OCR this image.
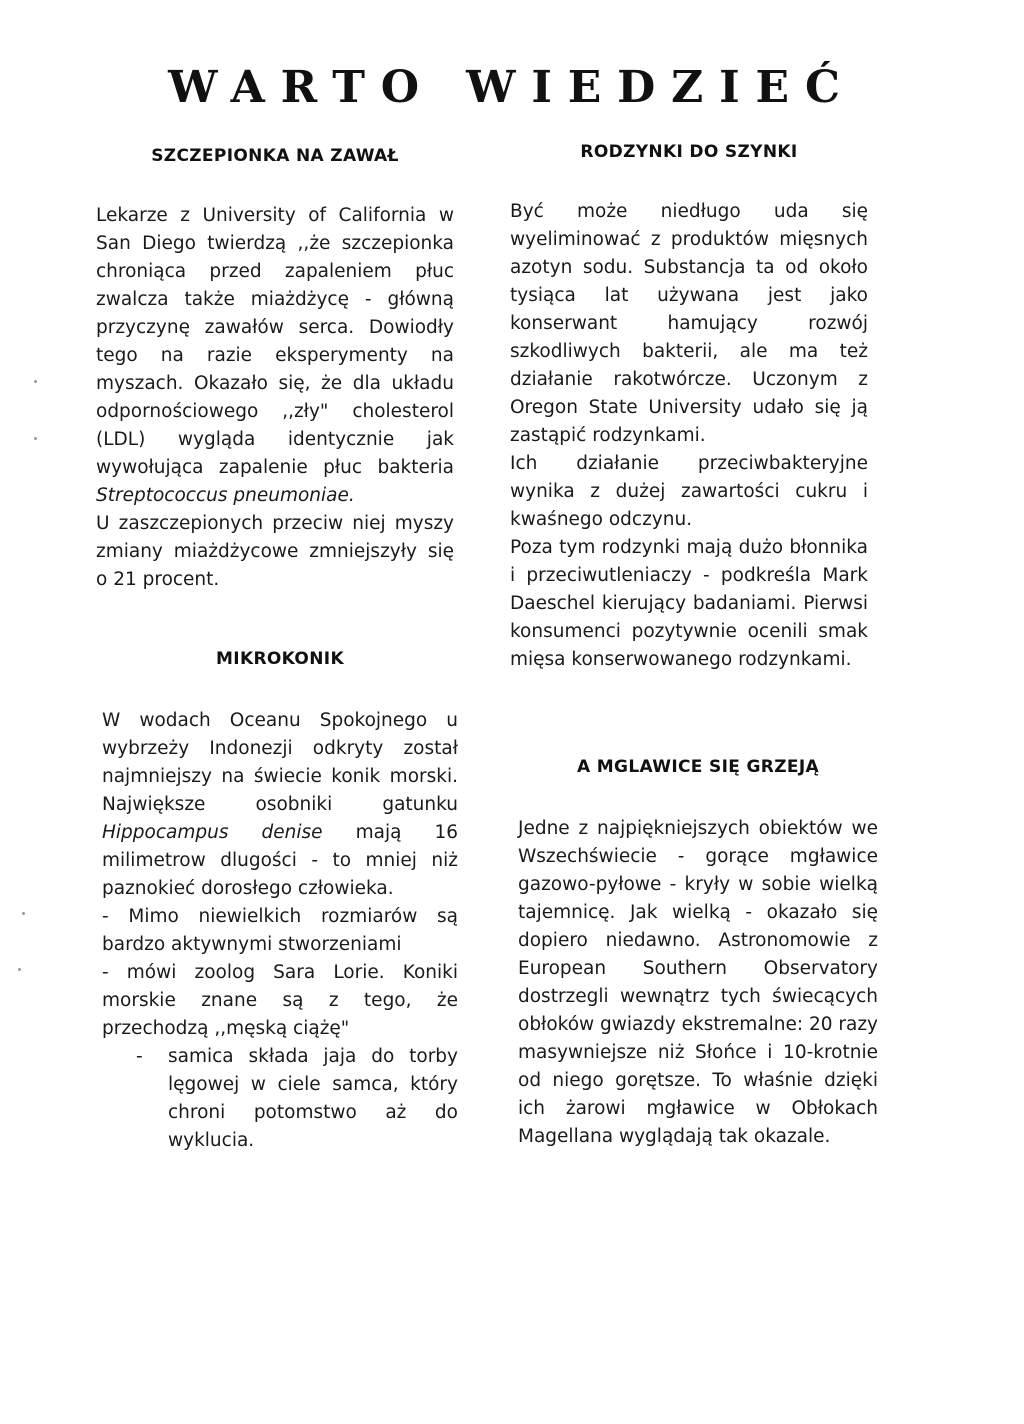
WARTO WIEDZIEĆ
SZCZEPIONKA NA ZAWAŁ

Lekarze z University of California w San Diego twierdzą ,,że szczepionka chroniąca przed zapaleniem płuc zwalcza także miażdżycę - główną przyczynę zawałów serca. Dowiodły tego na razie eksperymenty na myszach. Okazało się, że dla układu odpornościowego ,,zły" cholesterol (LDL) wygląda identycznie jak wywołująca zapalenie płuc bakteria Streptococcus pneumoniae.

U zaszczepionych przeciw niej myszy zmiany miażdżycowe zmniejszyły się o 21 procent.

MIKROKONIK

W wodach Oceanu Spokojnego u wybrzeży Indonezji odkryty został najmniejszy na świecie konik morski. Największe osobniki gatunku Hippocampus denise mają 16 milimetrow dlugości - to mniej niż paznokieć dorosłego człowieka.

- Mimo niewielkich rozmiarów są bardzo aktywnymi stworzeniami

- mówi zoolog Sara Lorie. Koniki morskie znane są z tego, że przechodzą ,,męską ciążę"

- samica składa jaja do torby lęgowej w ciele samca, który chroni potomstwo aż do wyklucia.

RODZYNKI DO SZYNKI

Być może niedługo uda się wyeliminować z produktów mięsnych azotyn sodu. Substancja ta od około tysiąca lat używana jest jako konserwant hamujący rozwój szkodliwych bakterii, ale ma też działanie rakotwórcze. Uczonym z Oregon State University udało się ją zastąpić rodzynkami.

Ich działanie przeciwbakteryjne wynika z dużej zawartości cukru i kwaśnego odczynu.

Poza tym rodzynki mają dużo błonnika i przeciwutleniaczy - podkreśla Mark Daeschel kierujący badaniami. Pierwsi konsumenci pozytywnie ocenili smak mięsa konserwowanego rodzynkami.

A MGLAWICE SIĘ GRZEJĄ

Jedne z najpiękniejszych obiektów we Wszechświecie - gorące mgławice gazowo-pyłowe - kryły w sobie wielką tajemnicę. Jak wielką - okazało się dopiero niedawno. Astronomowie z European Southern Observatory dostrzegli wewnątrz tych świecących obłoków gwiazdy ekstremalne: 20 razy masywniejsze niż Słońce i 10-krotnie od niego gorętsze. To właśnie dzięki ich żarowi mgławice w Obłokach Magellana wyglądają tak okazale.
